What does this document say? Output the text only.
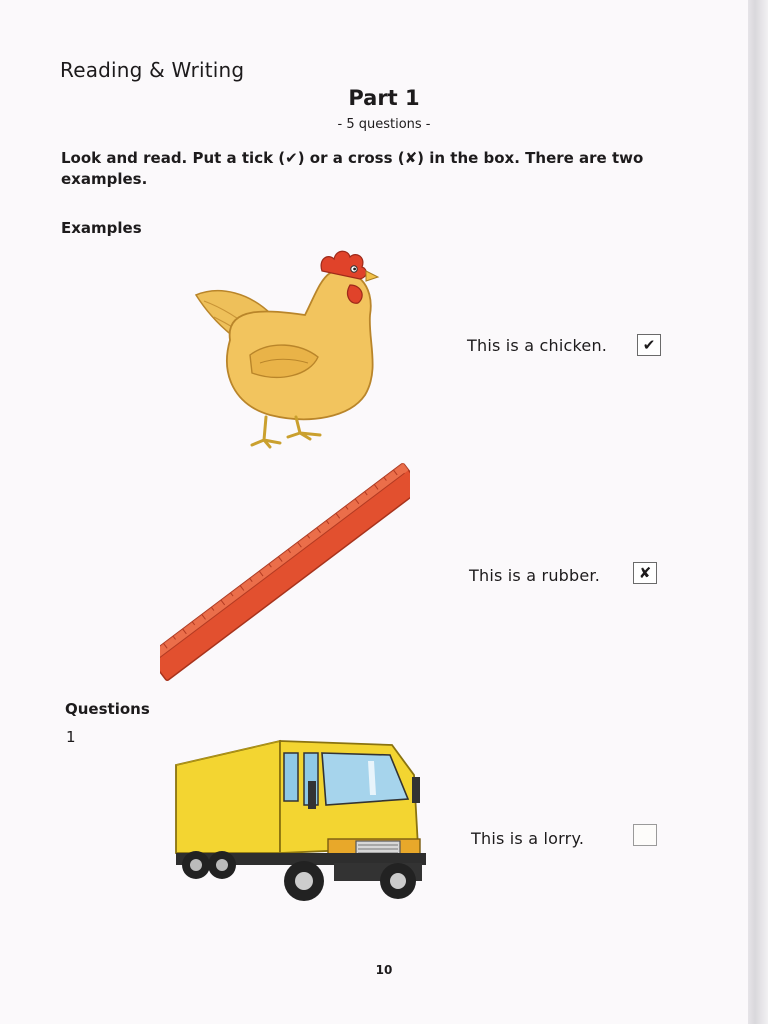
Reading & Writing
Part 1
- 5 questions -
Look and read. Put a tick (✔) or a cross (✘) in the box. There are two examples.
Examples
This is a chicken. ✔
This is a rubber.	✘
Questions
1
This is a lorry.
10
